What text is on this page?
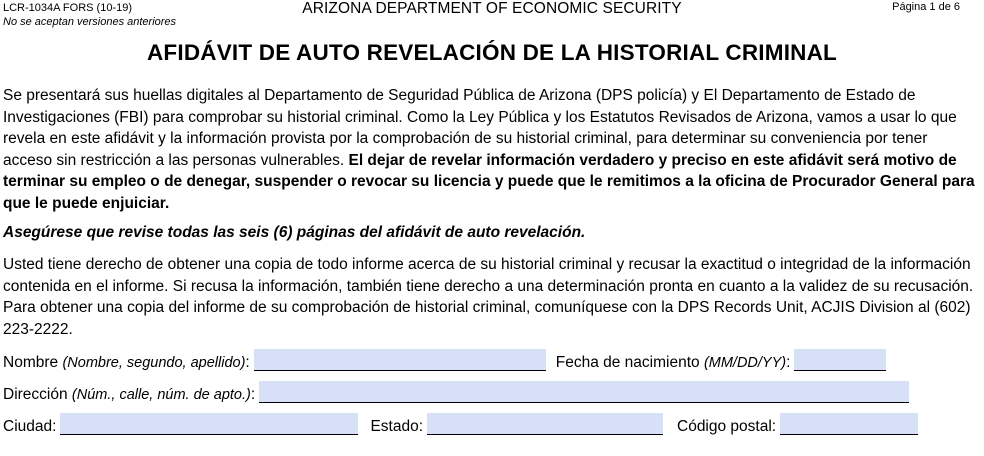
LCR-1034A FORS (10-19)
No se aceptan versiones anteriores
ARIZONA DEPARTMENT OF ECONOMIC SECURITY	Página 1 de 6
AFIDÁVIT DE AUTO REVELACIÓN DE LA HISTORIAL CRIMINAL

Se presentará sus huellas digitales al Departamento de Seguridad Pública de Arizona (DPS policía) y El Departamento de Estado de Investigaciones (FBI) para comprobar su historial criminal. Como la Ley Pública y los Estatutos Revisados de Arizona, vamos a usar lo que revela en este afidávit y la información provista por la comprobación de su historial criminal, para determinar su conveniencia por tener acceso sin restricción a las personas vulnerables. El dejar de revelar información verdadero y preciso en este afidávit será motivo de terminar su empleo o de denegar, suspender o revocar su licencia y puede que le remitimos a la oficina de Procurador General para que le puede enjuiciar.

Asegúrese que revise todas las seis (6) páginas del afidávit de auto revelación.

Usted tiene derecho de obtener una copia de todo informe acerca de su historial criminal y recusar la exactitud o integridad de la información contenida en el informe. Si recusa la información, también tiene derecho a una determinación pronta en cuanto a la validez de su recusación. Para obtener una copia del informe de su comprobación de historial criminal, comuníquese con la DPS Records Unit, ACJIS Division al (602) 223-2222.

Nombre (Nombre, segundo, apellido):	Fecha de nacimiento (MM/DD/YY):
Dirección (Núm., calle, núm. de apto.):
Ciudad:	Estado:	Código postal:
